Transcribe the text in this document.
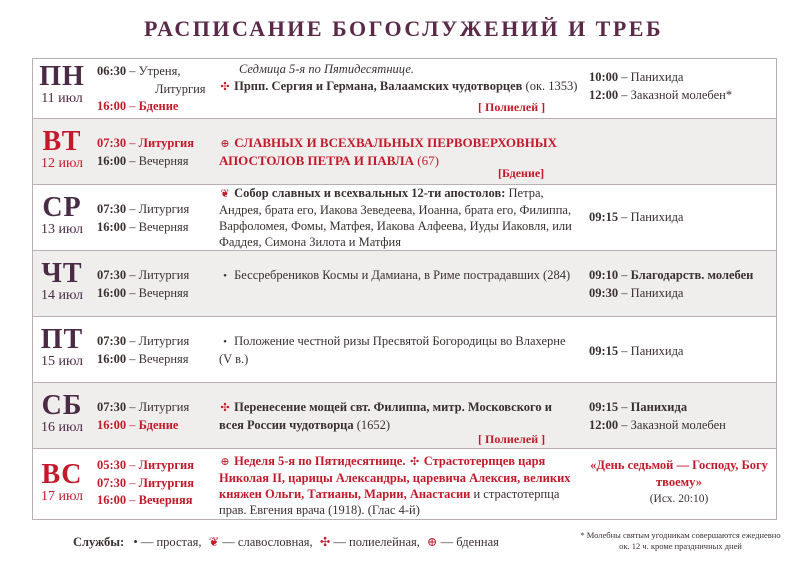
РАСПИСАНИЕ БОГОСЛУЖЕНИЙ И ТРЕБ
ПН
11 июл
06:30 – Утреня,
Литургия
16:00 – Бдение
Седмица 5-я по Пятидесятнице.
✣ Прпп. Сергия и Германа, Валаамских чудотворцев (ок. 1353)
[ Полиелей ]
10:00 – Панихида
12:00 – Заказной молебен*
ВТ
12 июл
07:30 – Литургия
16:00 – Вечерняя
⊕ СЛАВНЫХ И ВСЕХВАЛЬНЫХ ПЕРВОВЕРХОВНЫХ АПОСТОЛОВ ПЕТРА И ПАВЛА (67)
[Бдение]
СР
13 июл
07:30 – Литургия
16:00 – Вечерняя
❦ Собор славных и всехвальных 12-ти апостолов: Петра, Андрея, брата его, Иакова Зеведеева, Иоанна, брата его, Филиппа, Варфоломея, Фомы, Матфея, Иакова Алфеева, Иуды Иаковля, или Фаддея, Симона Зилота и Матфия
09:15 – Панихида
ЧТ
14 июл
07:30 – Литургия
16:00 – Вечерняя
• Бессребреников Космы и Дамиана, в Риме пострадавших (284)	09:10 – Благодарств. молебен
09:30 – Панихида
ПТ
15 июл
07:30 – Литургия
16:00 – Вечерняя
• Положение честной ризы Пресвятой Богородицы во Влахерне (V в.)
09:15 – Панихида
СБ
16 июл
07:30 – Литургия
16:00 – Бдение
✣ Перенесение мощей свт. Филиппа, митр. Московского и всея России чудотворца (1652)
[ Полиелей ]
09:15 – Панихида
12:00 – Заказной молебен
ВС
17 июл
05:30 – Литургия
07:30 – Литургия
16:00 – Вечерняя
⊕ Неделя 5-я по Пятидесятнице. ✣ Страстотерпцев царя Николая II, царицы Александры, царевича Алексия, великих княжен Ольги, Татианы, Марии, Анастасии и страстотерпца прав. Евгения врача (1918). (Глас 4-й)
«День седьмой — Господу, Богу твоему»
(Исх. 20:10)
Службы: • — простая, ❦ — славословная, ✣ — полиелейная, ⊕ — бденная	* Молебны святым угодникам совершаются ежедневно ок. 12 ч. кроме праздничных дней
